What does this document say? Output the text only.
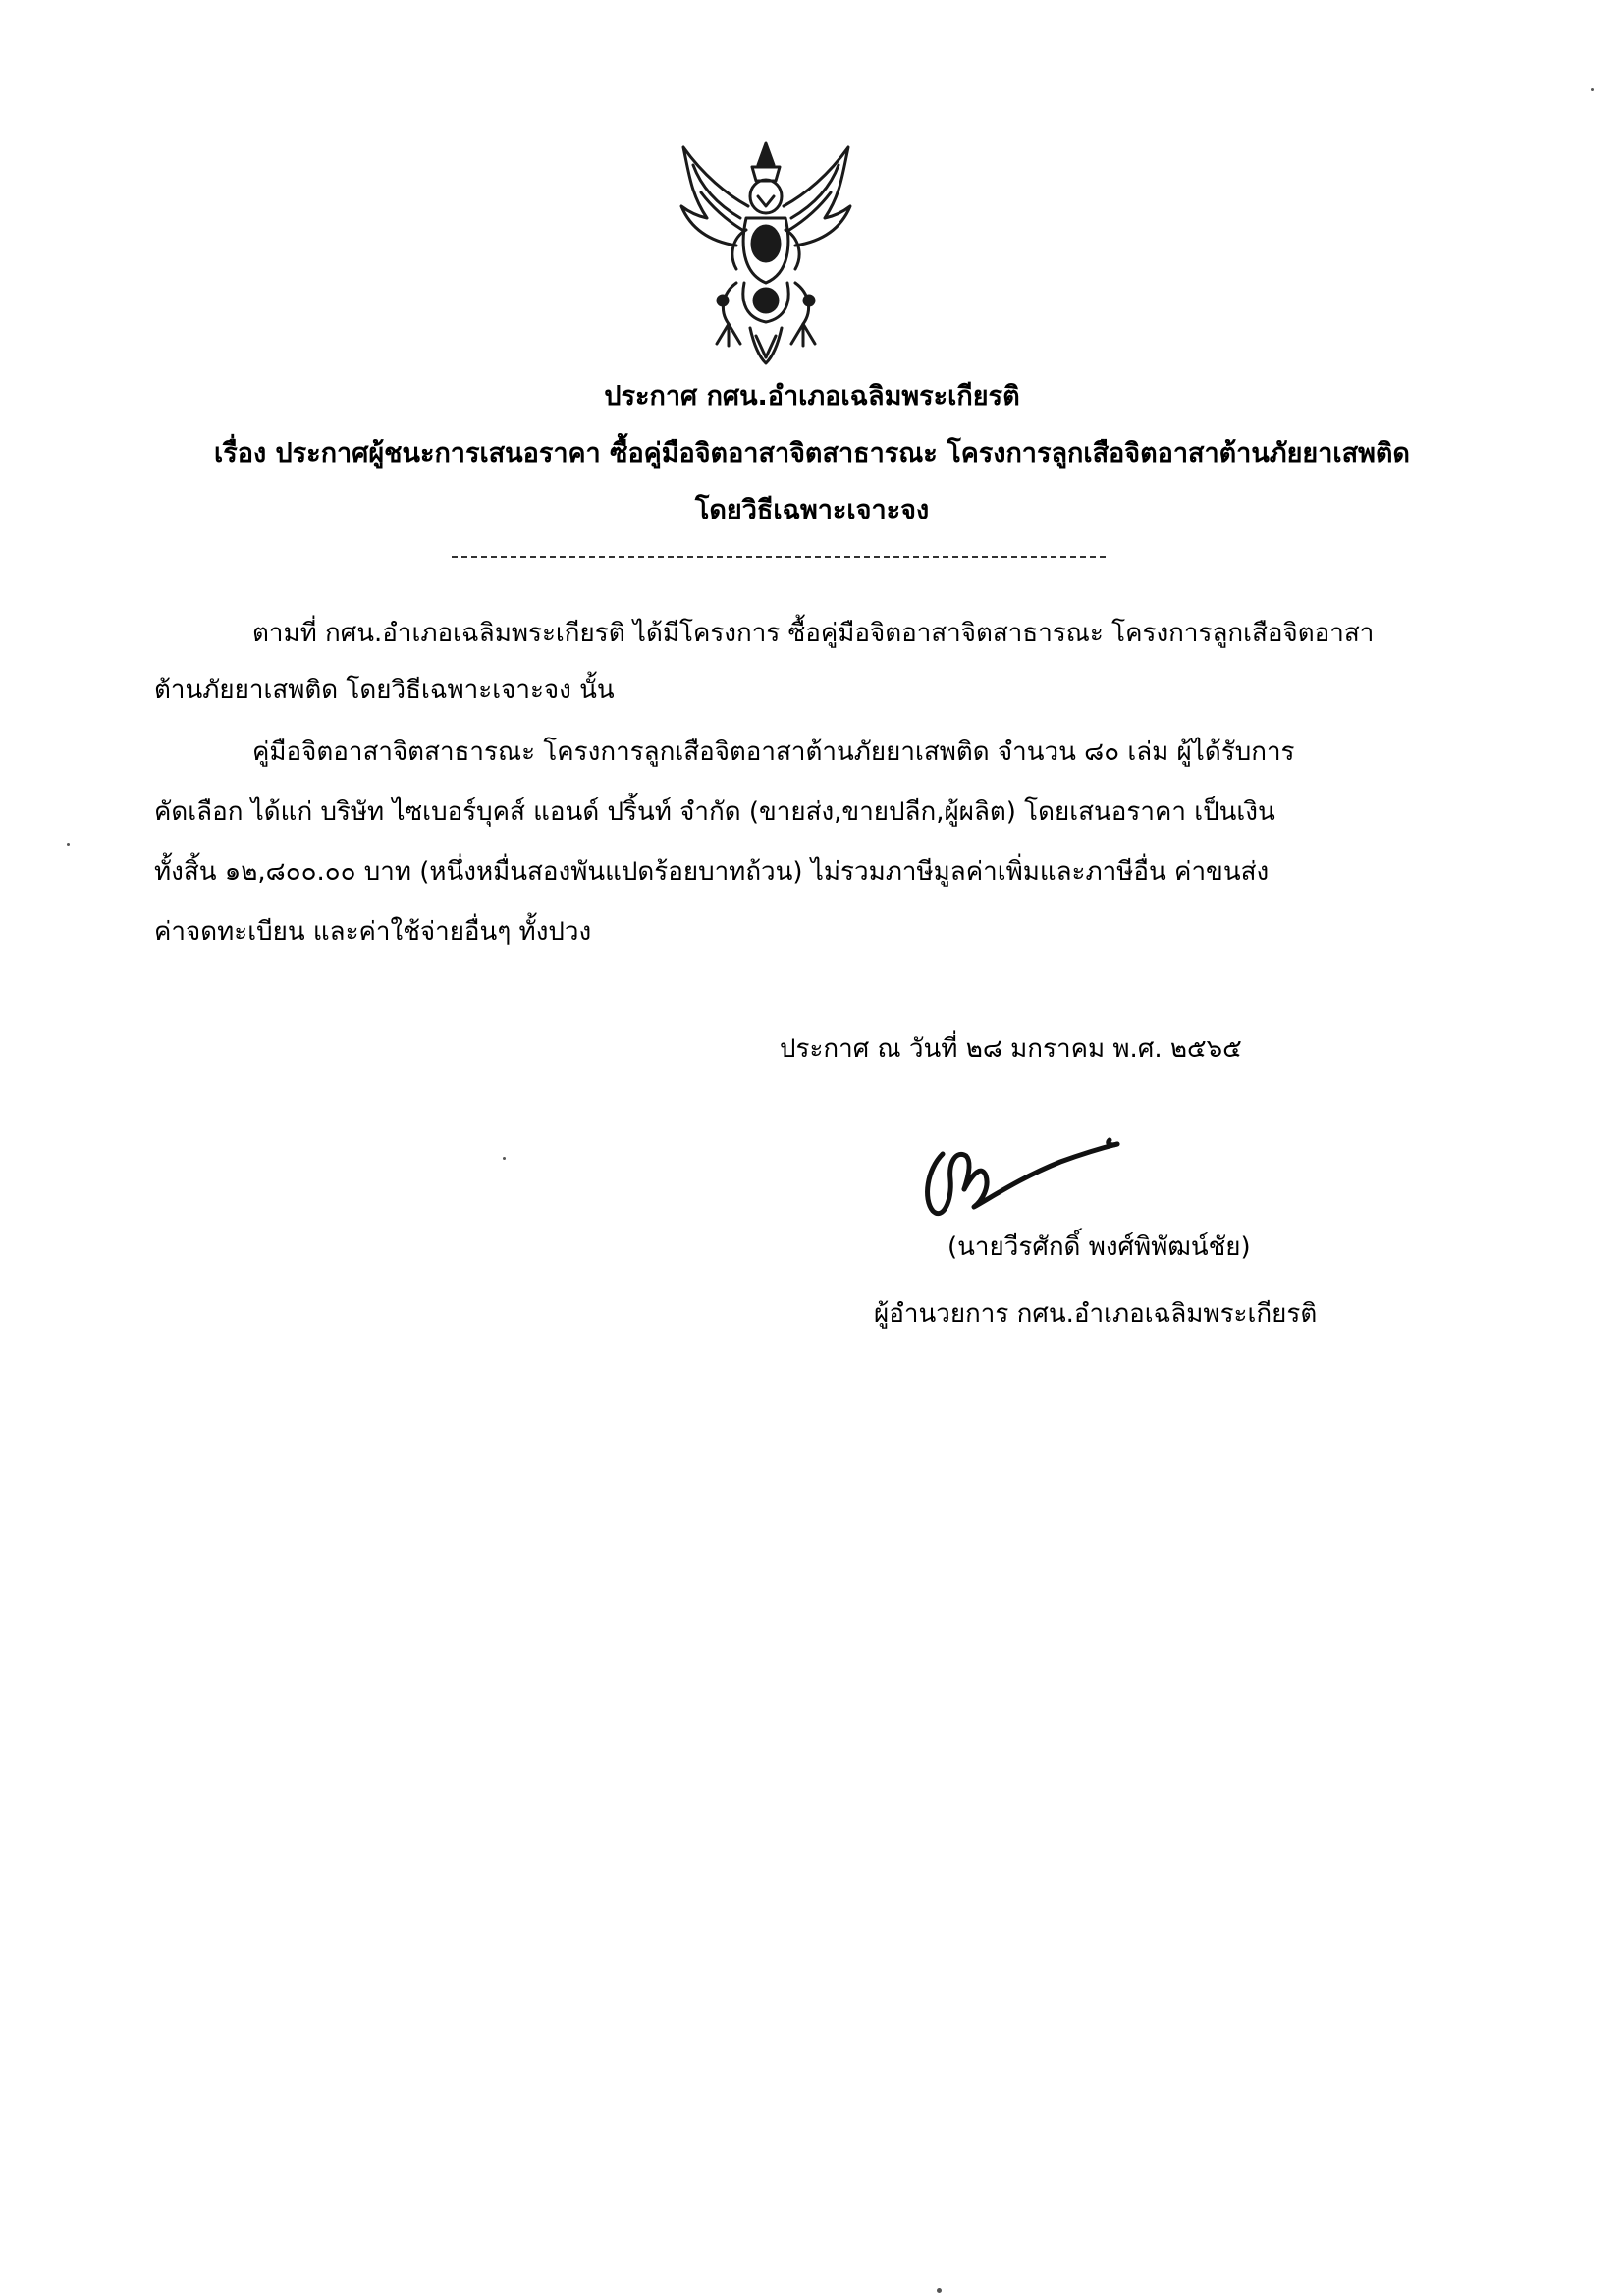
ประกาศ กศน.อำเภอเฉลิมพระเกียรติ
เรื่อง ประกาศผู้ชนะการเสนอราคา ซื้อคู่มือจิตอาสาจิตสาธารณะ โครงการลูกเสือจิตอาสาต้านภัยยาเสพติด
โดยวิธีเฉพาะเจาะจง
ตามที่ กศน.อำเภอเฉลิมพระเกียรติ ได้มีโครงการ ซื้อคู่มือจิตอาสาจิตสาธารณะ โครงการลูกเสือจิตอาสา
ต้านภัยยาเสพติด โดยวิธีเฉพาะเจาะจง นั้น
คู่มือจิตอาสาจิตสาธารณะ โครงการลูกเสือจิตอาสาต้านภัยยาเสพติด จำนวน ๘๐ เล่ม ผู้ได้รับการ
คัดเลือก ได้แก่ บริษัท ไซเบอร์บุคส์ แอนด์ ปริ้นท์ จำกัด (ขายส่ง,ขายปลีก,ผู้ผลิต) โดยเสนอราคา เป็นเงิน
ทั้งสิ้น ๑๒,๘๐๐.๐๐ บาท (หนึ่งหมื่นสองพันแปดร้อยบาทถ้วน) ไม่รวมภาษีมูลค่าเพิ่มและภาษีอื่น ค่าขนส่ง
ค่าจดทะเบียน และค่าใช้จ่ายอื่นๆ ทั้งปวง
ประกาศ ณ วันที่ ๒๘ มกราคม พ.ศ. ๒๕๖๕
(นายวีรศักดิ์ พงศ์พิพัฒน์ชัย)
ผู้อำนวยการ กศน.อำเภอเฉลิมพระเกียรติ
